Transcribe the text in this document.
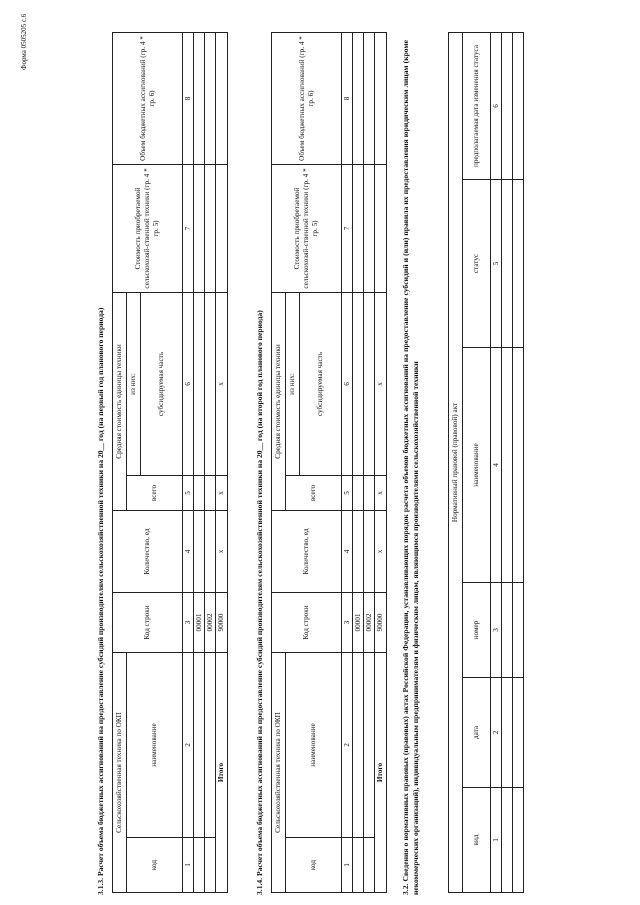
Форма 0505205 с.6
3.1.3. Расчет объема бюджетных ассигнований на предоставление субсидий производителям сельскохозяйственной техники на 20__ год (на первый год планового периода) Сельскохозяйственная техника по ОКП		Код строки	Количество, ед	Средняя стоимость единицы техники		Стоимость приобретаемой сельскохозяй-ственной техники (гр. 4 * гр. 5)	Объем бюджетных ассигнований (гр. 4 * гр. 6)
код	наименование			всего	из них:		
					субсидируемая часть		
1	2	3	4	5	6	7	8
		00001					
		00002					
Итого		90000	x	x	x			3.1.4. Расчет объема бюджетных ассигнований на предоставление субсидий производителям сельскохозяйственной техники на 20__ год (на второй год планового периода) Сельскохозяйственная техника по ОКП		Код строки	Количество, ед	Средняя стоимость единицы техники		Стоимость приобретаемой сельскохозяй-ственной техники (гр. 4 * гр. 5)	Объем бюджетных ассигнований (гр. 4 * гр. 6)
код	наименование			всего	из них:		
					субсидируемая часть		
1	2	3	4	5	6	7	8
		00001					
		00002					
Итого		90000	x	x	x		3.2. Сведения о нормативных правовых (правовых) актах Российской Федерации, устанавливающих порядок расчета объемов бюджетных ассигнований на предоставление субсидий и (или) правила их предоставления юридическим лицам (кроме некоммерческих организаций), индивидуальным предпринимателям и физическим лицам, являющимся производителями сельскохозяйственной техники	Нормативный правовой (правовой) акт					
вид	дата	номер	наименование	статус	предполагаемая дата изменения статуса
1	2	3	4	5	6
